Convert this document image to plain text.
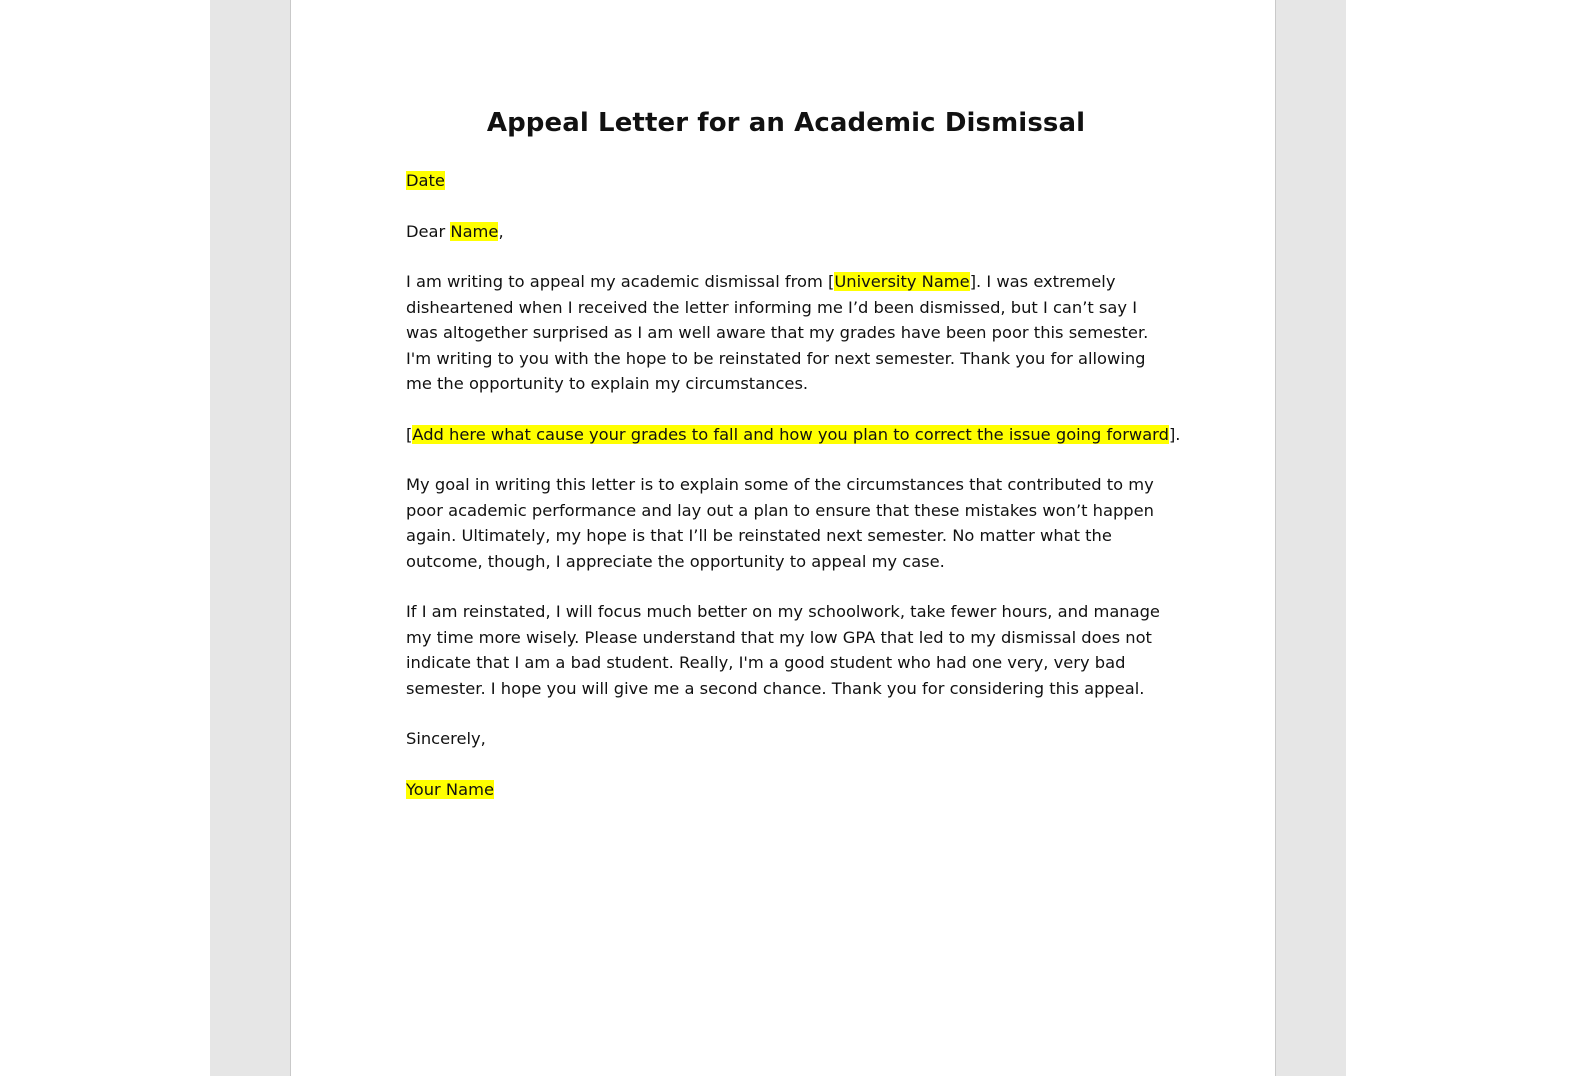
Appeal Letter for an Academic Dismissal

Date

Dear Name,

I am writing to appeal my academic dismissal from [University Name]. I was extremely disheartened when I received the letter informing me I’d been dismissed, but I can’t say I was altogether surprised as I am well aware that my grades have been poor this semester. I'm writing to you with the hope to be reinstated for next semester. Thank you for allowing me the opportunity to explain my circumstances.

[Add here what cause your grades to fall and how you plan to correct the issue going forward].

My goal in writing this letter is to explain some of the circumstances that contributed to my poor academic performance and lay out a plan to ensure that these mistakes won’t happen again. Ultimately, my hope is that I’ll be reinstated next semester. No matter what the outcome, though, I appreciate the opportunity to appeal my case.

If I am reinstated, I will focus much better on my schoolwork, take fewer hours, and manage my time more wisely. Please understand that my low GPA that led to my dismissal does not indicate that I am a bad student. Really, I'm a good student who had one very, very bad semester. I hope you will give me a second chance. Thank you for considering this appeal.

Sincerely,

Your Name
